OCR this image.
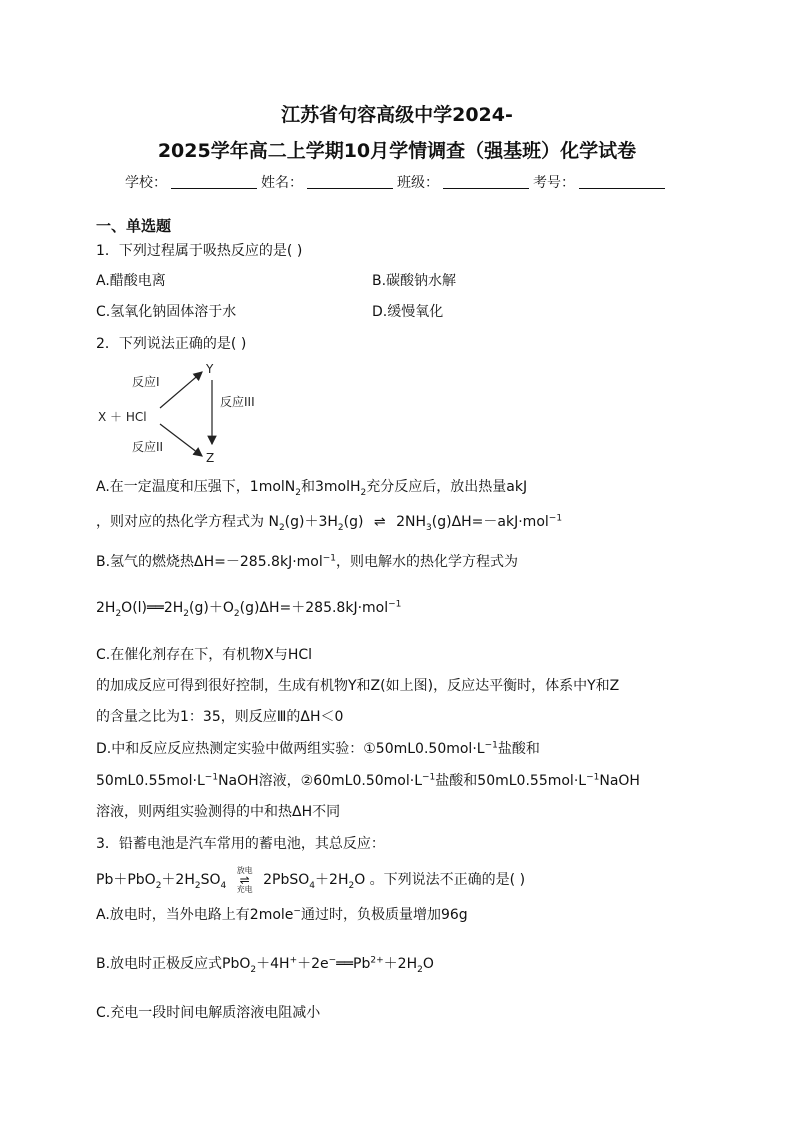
江苏省句容高级中学2024-
2025学年高二上学期10月学情调查（强基班）化学试卷
学校：	姓名：	班级：	考号：
一、单选题
1．下列过程属于吸热反应的是( )
A.醋酸电离	B.碳酸钠水解
C.氢氧化钠固体溶于水	D.缓慢氧化
2．下列说法正确的是( )
X ＋ HCl
Y
Z
反应I
反应II
反应III
A.在一定温度和压强下，1molN$_2$和3molH$_2$充分反应后，放出热量akJ
，则对应的热化学方程式为 $N_2(g)+3H_2(g)$ ⇌ $2NH_3(g)\Delta H=-akJ\cdot mol^{-1}$
B.氢气的燃烧热ΔH=－285.8kJ·mol$^{-1}$，则电解水的热化学方程式为
$2H_2O(l)══2H_2(g)+O_2(g)\Delta H=+285.8kJ\cdot mol^{-1}$
C.在催化剂存在下，有机物X与HCl
的加成反应可得到很好控制，生成有机物Y和Z(如上图)，反应达平衡时，体系中Y和Z
的含量之比为1：35，则反应Ⅲ的ΔH＜0
D.中和反应反应热测定实验中做两组实验：$①50mL0.50mol\cdot L^{-1}$盐酸和
$50mL0.55mol\cdot L^{-1}NaOH$溶液，$②60mL0.50mol\cdot L^{-1}$盐酸和$50mL0.55mol\cdot L^{-1}NaOH$
溶液，则两组实验测得的中和热ΔH不同
3．铅蓄电池是汽车常用的蓄电池，其总反应：
$Pb+PbO_2+2H_2SO_4$
放电
⇌
充电
$2PbSO_4+2H_2O$ 。下列说法不正确的是( )
A.放电时，当外电路上有2mole−通过时，负极质量增加96g
B.放电时正极反应式$PbO_2+4H^++2e^-══Pb^{2+}+2H_2O$
C.充电一段时间电解质溶液电阻减小
